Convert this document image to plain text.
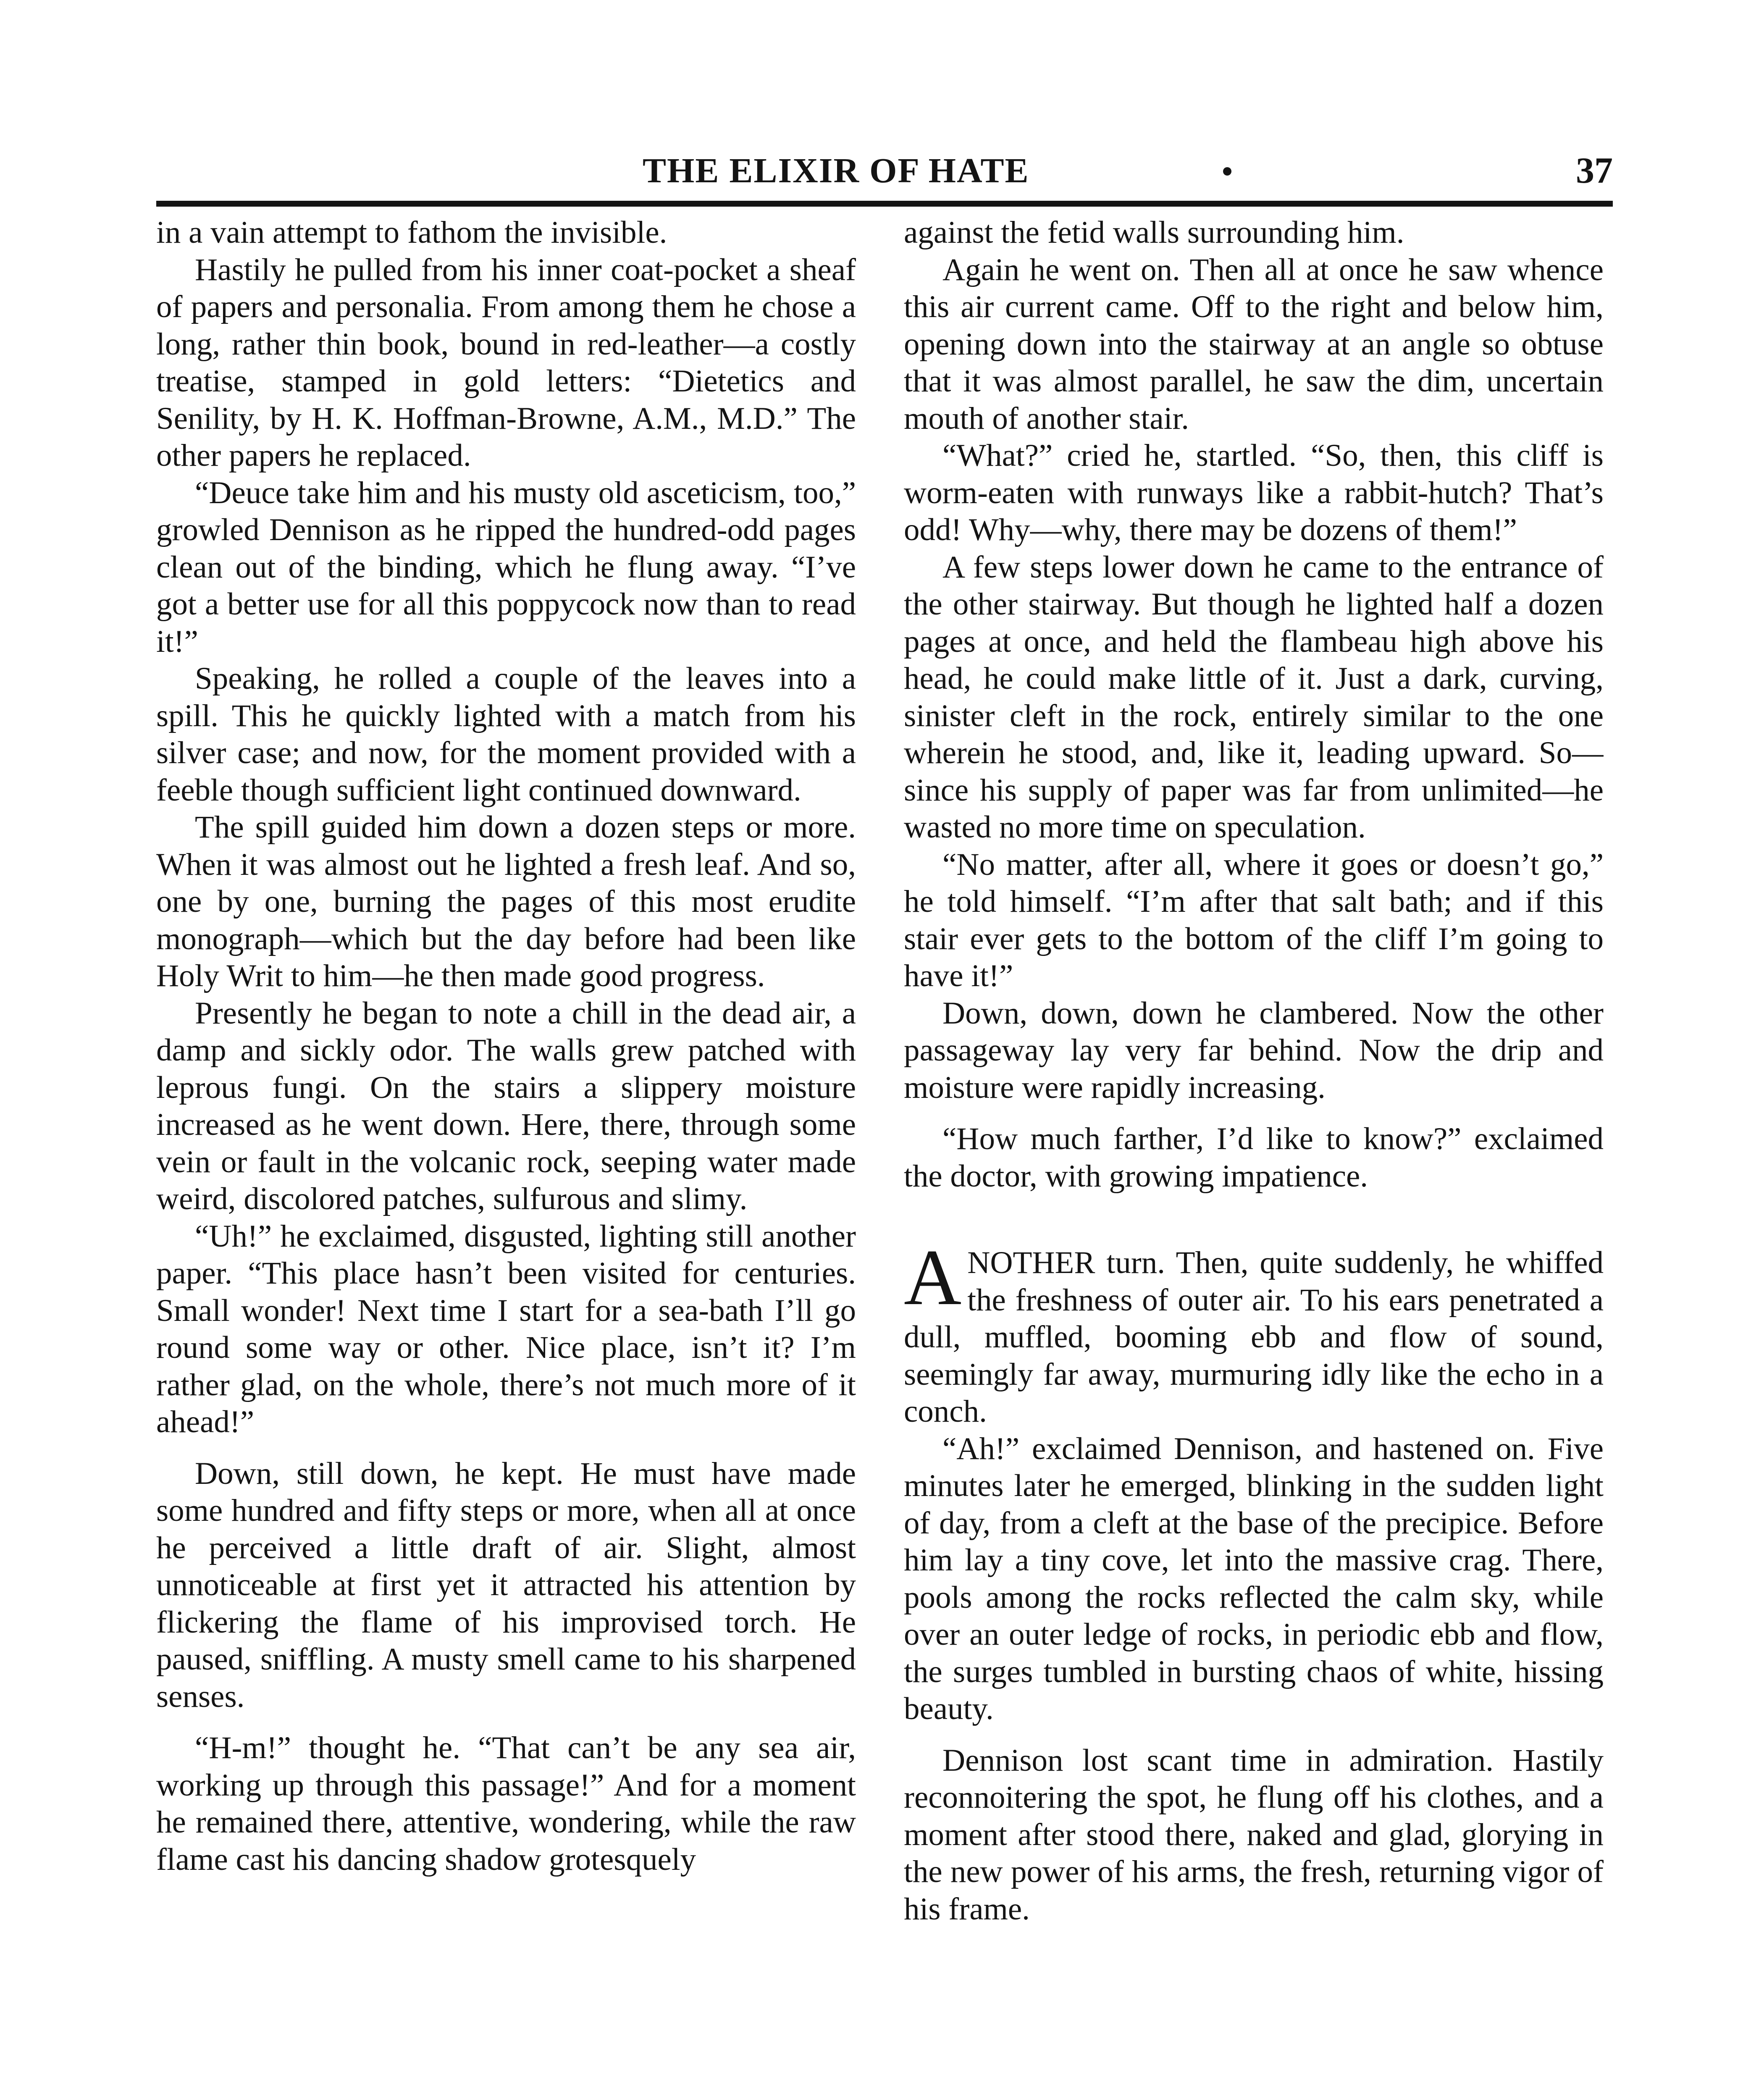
THE ELIXIR OF HATE	37

in a vain attempt to fathom the invisible.

Hastily he pulled from his inner coat-pocket a sheaf of papers and personalia. From among them he chose a long, rather thin book, bound in red-leather—a costly treatise, stamped in gold letters: “Dietetics and Senility, by H. K. Hoffman-Browne, A.M., M.D.” The other papers he replaced.

“Deuce take him and his musty old asceticism, too,” growled Dennison as he ripped the hundred-odd pages clean out of the binding, which he flung away. “I’ve got a better use for all this poppycock now than to read it!”

Speaking, he rolled a couple of the leaves into a spill. This he quickly lighted with a match from his silver case; and now, for the moment provided with a feeble though sufficient light continued downward.

The spill guided him down a dozen steps or more. When it was almost out he lighted a fresh leaf. And so, one by one, burning the pages of this most erudite monograph—which but the day before had been like Holy Writ to him—he then made good progress.

Presently he began to note a chill in the dead air, a damp and sickly odor. The walls grew patched with leprous fungi. On the stairs a slippery moisture increased as he went down. Here, there, through some vein or fault in the volcanic rock, seeping water made weird, discolored patches, sulfurous and slimy.

“Uh!” he exclaimed, disgusted, lighting still another paper. “This place hasn’t been visited for centuries. Small wonder! Next time I start for a sea-bath I’ll go round some way or other. Nice place, isn’t it? I’m rather glad, on the whole, there’s not much more of it ahead!”

Down, still down, he kept. He must have made some hundred and fifty steps or more, when all at once he perceived a little draft of air. Slight, almost unnoticeable at first yet it attracted his attention by flickering the flame of his improvised torch. He paused, sniffling. A musty smell came to his sharpened senses.

“H-m!” thought he. “That can’t be any sea air, working up through this passage!” And for a moment he remained there, attentive, wondering, while the raw flame cast his dancing shadow grotesquely

against the fetid walls surrounding him.

Again he went on. Then all at once he saw whence this air current came. Off to the right and below him, opening down into the stairway at an angle so obtuse that it was almost parallel, he saw the dim, uncertain mouth of another stair.

“What?” cried he, startled. “So, then, this cliff is worm-eaten with runways like a rabbit-hutch? That’s odd! Why—why, there may be dozens of them!”

A few steps lower down he came to the entrance of the other stairway. But though he lighted half a dozen pages at once, and held the flambeau high above his head, he could make little of it. Just a dark, curving, sinister cleft in the rock, entirely similar to the one wherein he stood, and, like it, leading upward. So—since his supply of paper was far from unlimited—he wasted no more time on speculation.

“No matter, after all, where it goes or doesn’t go,” he told himself. “I’m after that salt bath; and if this stair ever gets to the bottom of the cliff I’m going to have it!”

Down, down, down he clambered. Now the other passageway lay very far behind. Now the drip and moisture were rapidly increasing.

“How much farther, I’d like to know?” exclaimed the doctor, with growing impatience.

ANOTHER turn. Then, quite suddenly, he whiffed the freshness of outer air. To his ears penetrated a dull, muffled, booming ebb and flow of sound, seemingly far away, murmuring idly like the echo in a conch.

“Ah!” exclaimed Dennison, and hastened on. Five minutes later he emerged, blinking in the sudden light of day, from a cleft at the base of the precipice. Before him lay a tiny cove, let into the massive crag. There, pools among the rocks reflected the calm sky, while over an outer ledge of rocks, in periodic ebb and flow, the surges tumbled in bursting chaos of white, hissing beauty.

Dennison lost scant time in admiration. Hastily reconnoitering the spot, he flung off his clothes, and a moment after stood there, naked and glad, glorying in the new power of his arms, the fresh, returning vigor of his frame.
